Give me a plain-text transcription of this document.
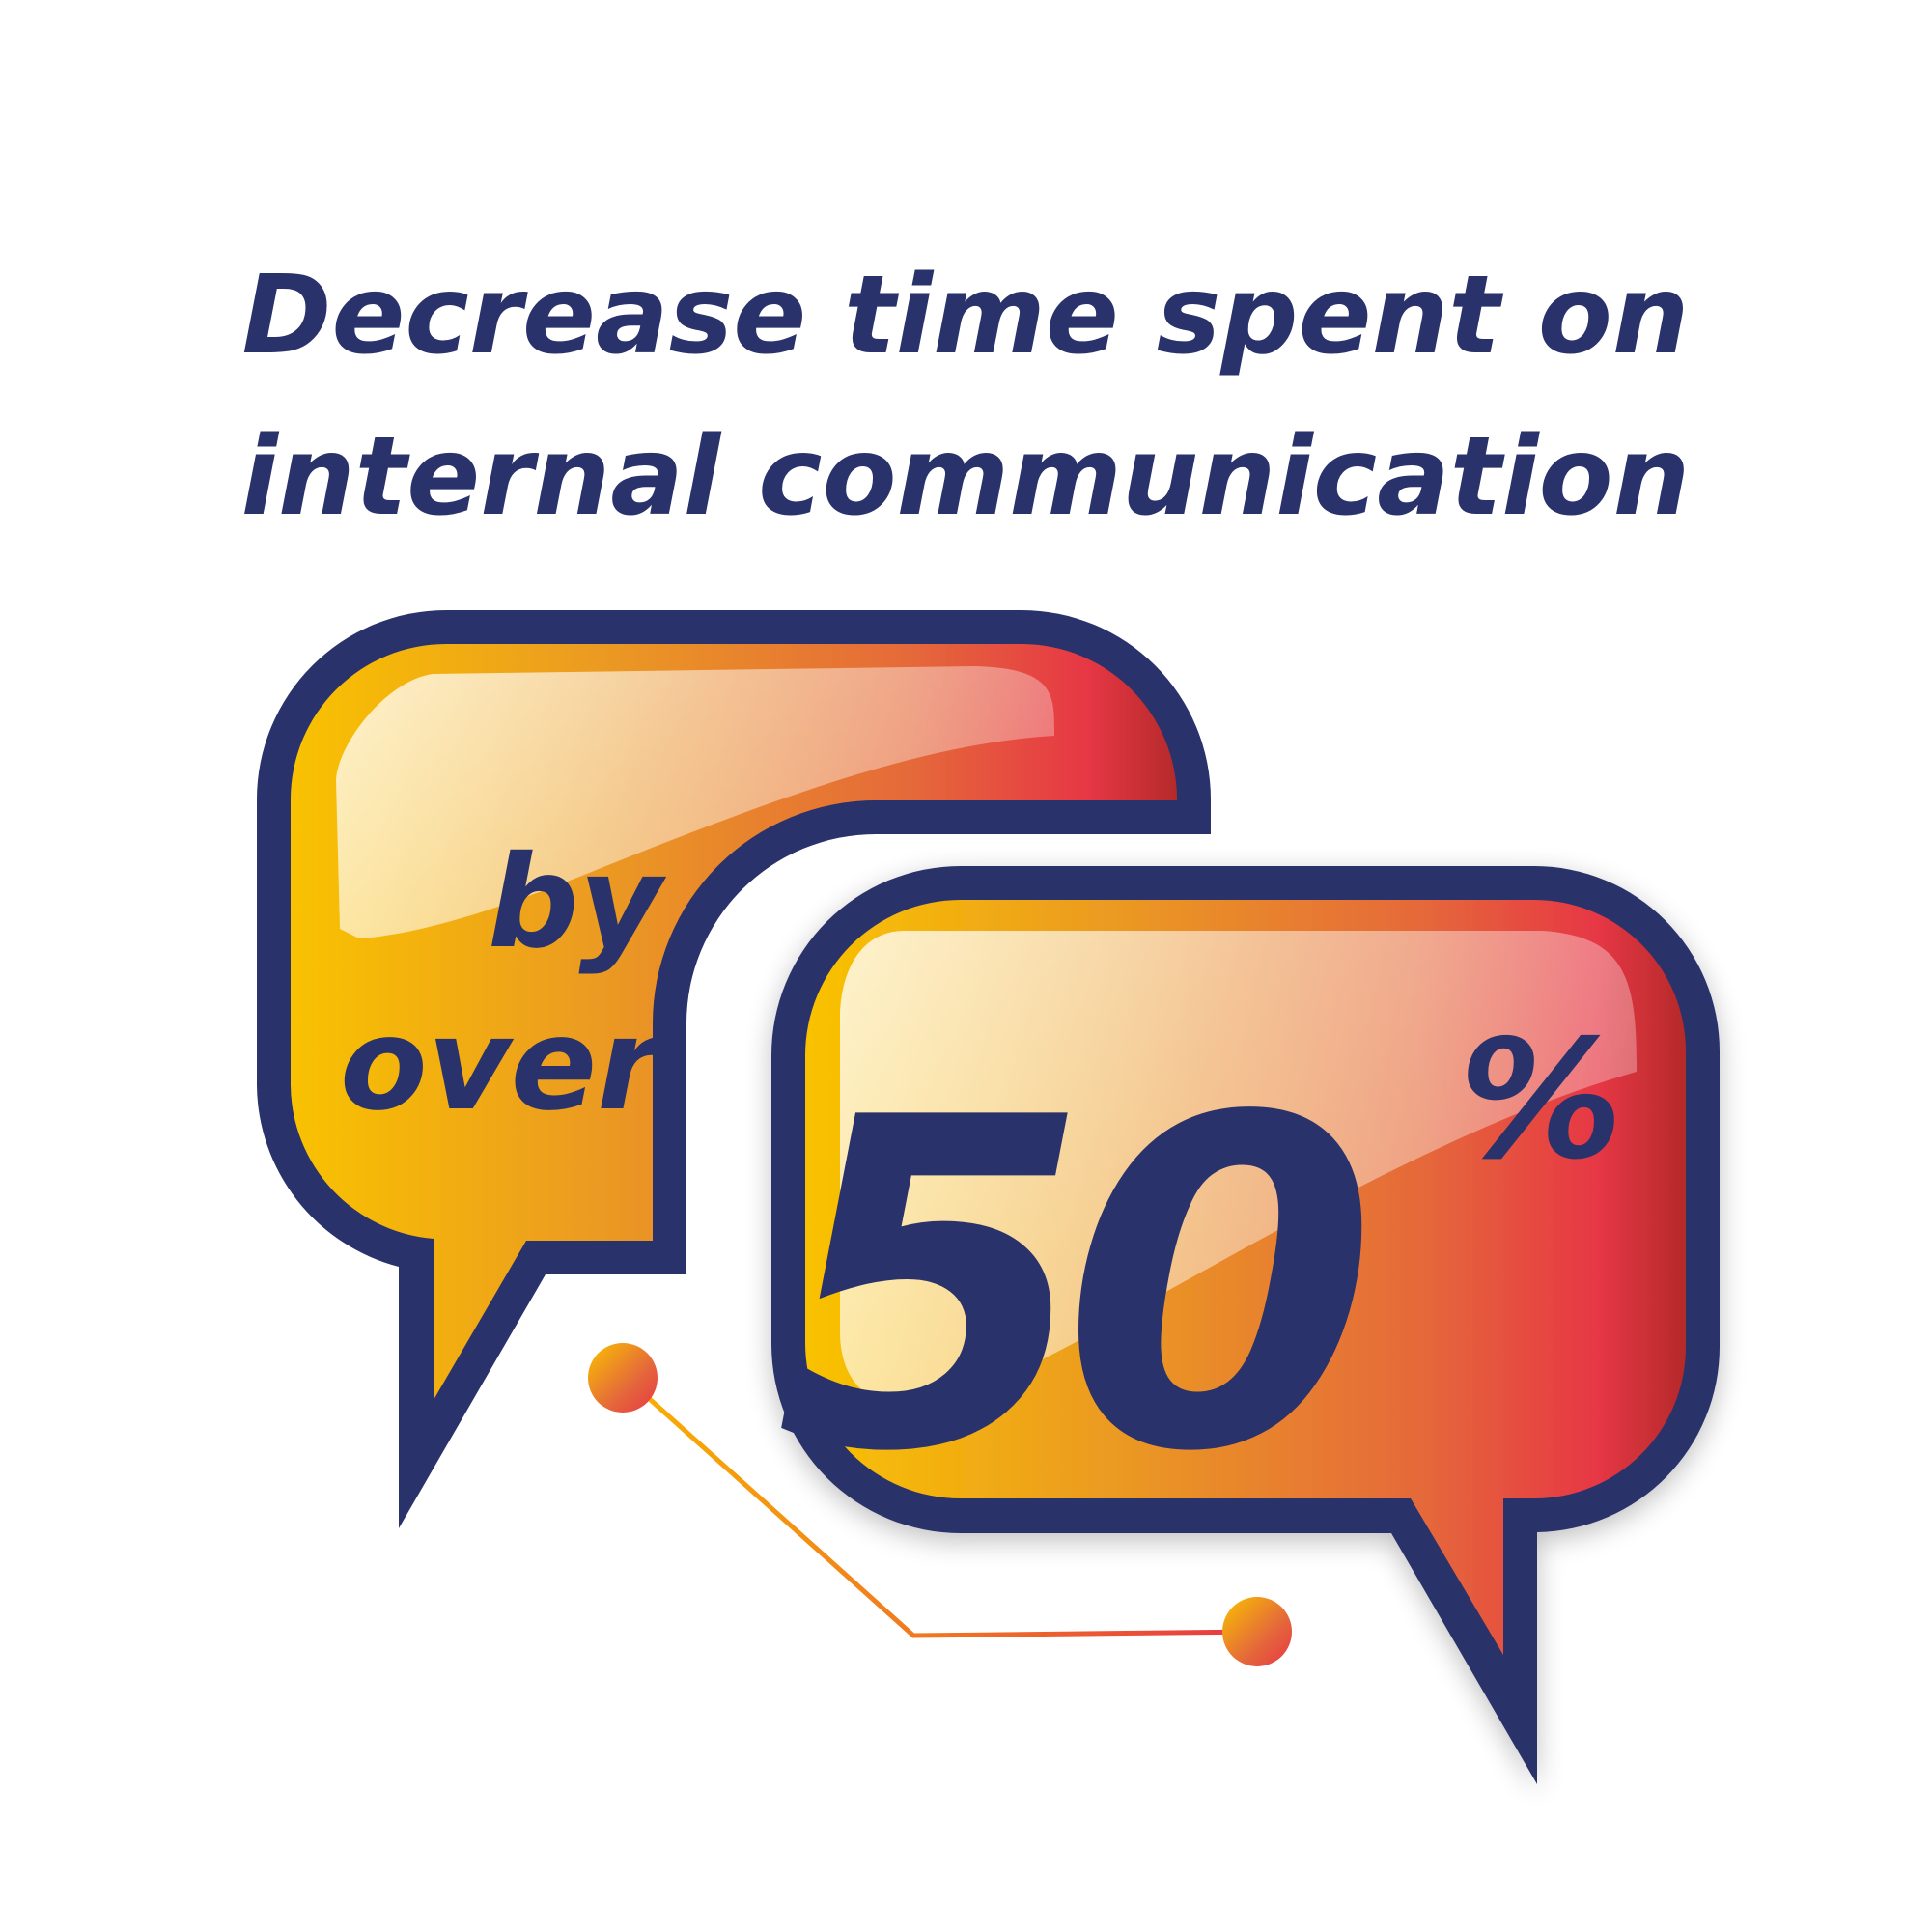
Decrease time spent on
internal communication
by
over 50 %
